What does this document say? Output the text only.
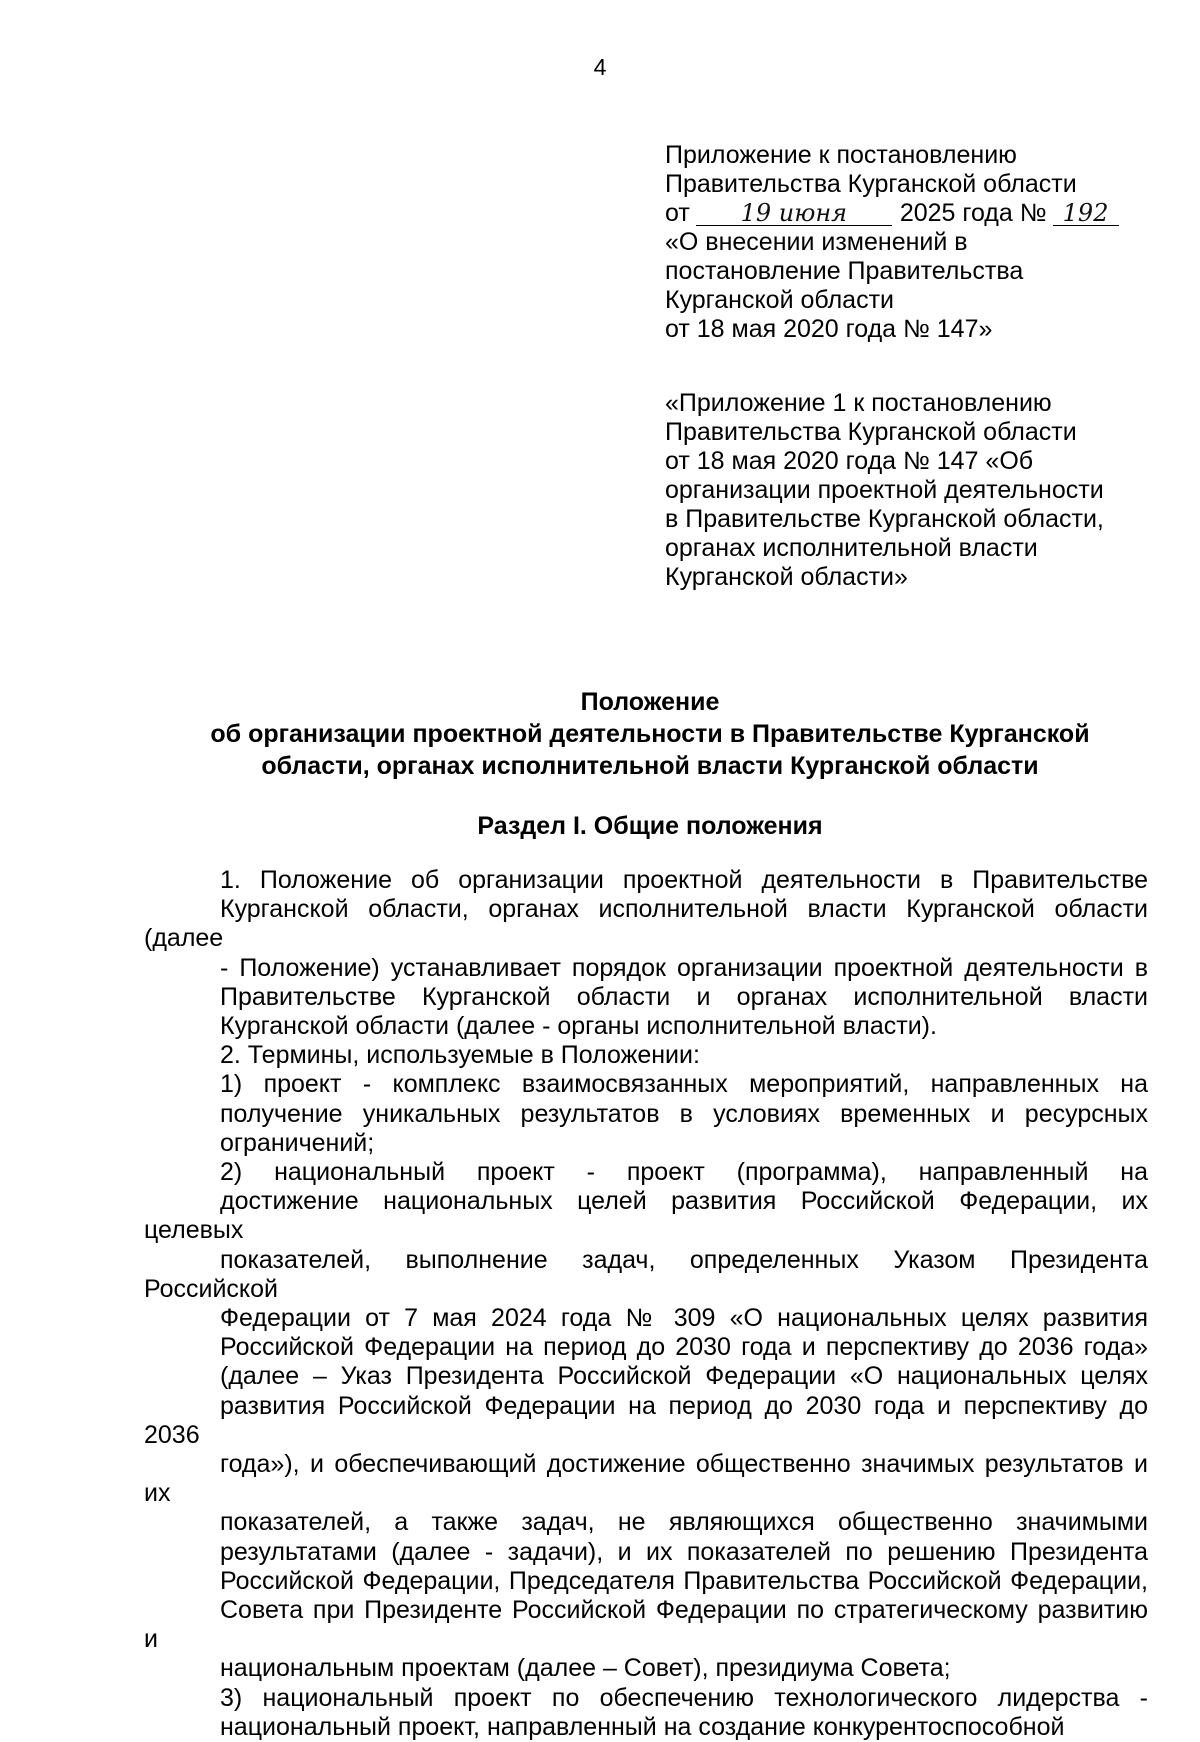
4
Приложение к постановлению
Правительства Курганской области
от 19 июня 2025 года № 192
«О внесении изменений в
постановление Правительства
Курганской области
от 18 мая 2020 года № 147»
«Приложение 1 к постановлению
Правительства Курганской области
от 18 мая 2020 года № 147 «Об
организации проектной деятельности
в Правительстве Курганской области,
органах исполнительной власти
Курганской области»
Положение
об организации проектной деятельности в Правительстве Курганской
области, органах исполнительной власти Курганской области
Раздел I. Общие положения

1. Положение об организации проектной деятельности в Правительстве
Курганской области, органах исполнительной власти Курганской области (далее
- Положение) устанавливает порядок организации проектной деятельности в
Правительстве Курганской области и органах исполнительной власти
Курганской области (далее - органы исполнительной власти).

2. Термины, используемые в Положении:

1) проект - комплекс взаимосвязанных мероприятий, направленных на
получение уникальных результатов в условиях временных и ресурсных
ограничений;

2) национальный проект - проект (программа), направленный на
достижение национальных целей развития Российской Федерации, их целевых
показателей, выполнение задач, определенных Указом Президента Российской
Федерации от 7 мая 2024 года № 309 «О национальных целях развития
Российской Федерации на период до 2030 года и перспективу до 2036 года»
(далее – Указ Президента Российской Федерации «О национальных целях
развития Российской Федерации на период до 2030 года и перспективу до 2036
года»), и обеспечивающий достижение общественно значимых результатов и их
показателей, а также задач, не являющихся общественно значимыми
результатами (далее - задачи), и их показателей по решению Президента
Российской Федерации, Председателя Правительства Российской Федерации,
Совета при Президенте Российской Федерации по стратегическому развитию и
национальным проектам (далее – Совет), президиума Совета;

3) национальный проект по обеспечению технологического лидерства -
национальный проект, направленный на создание конкурентоспособной
